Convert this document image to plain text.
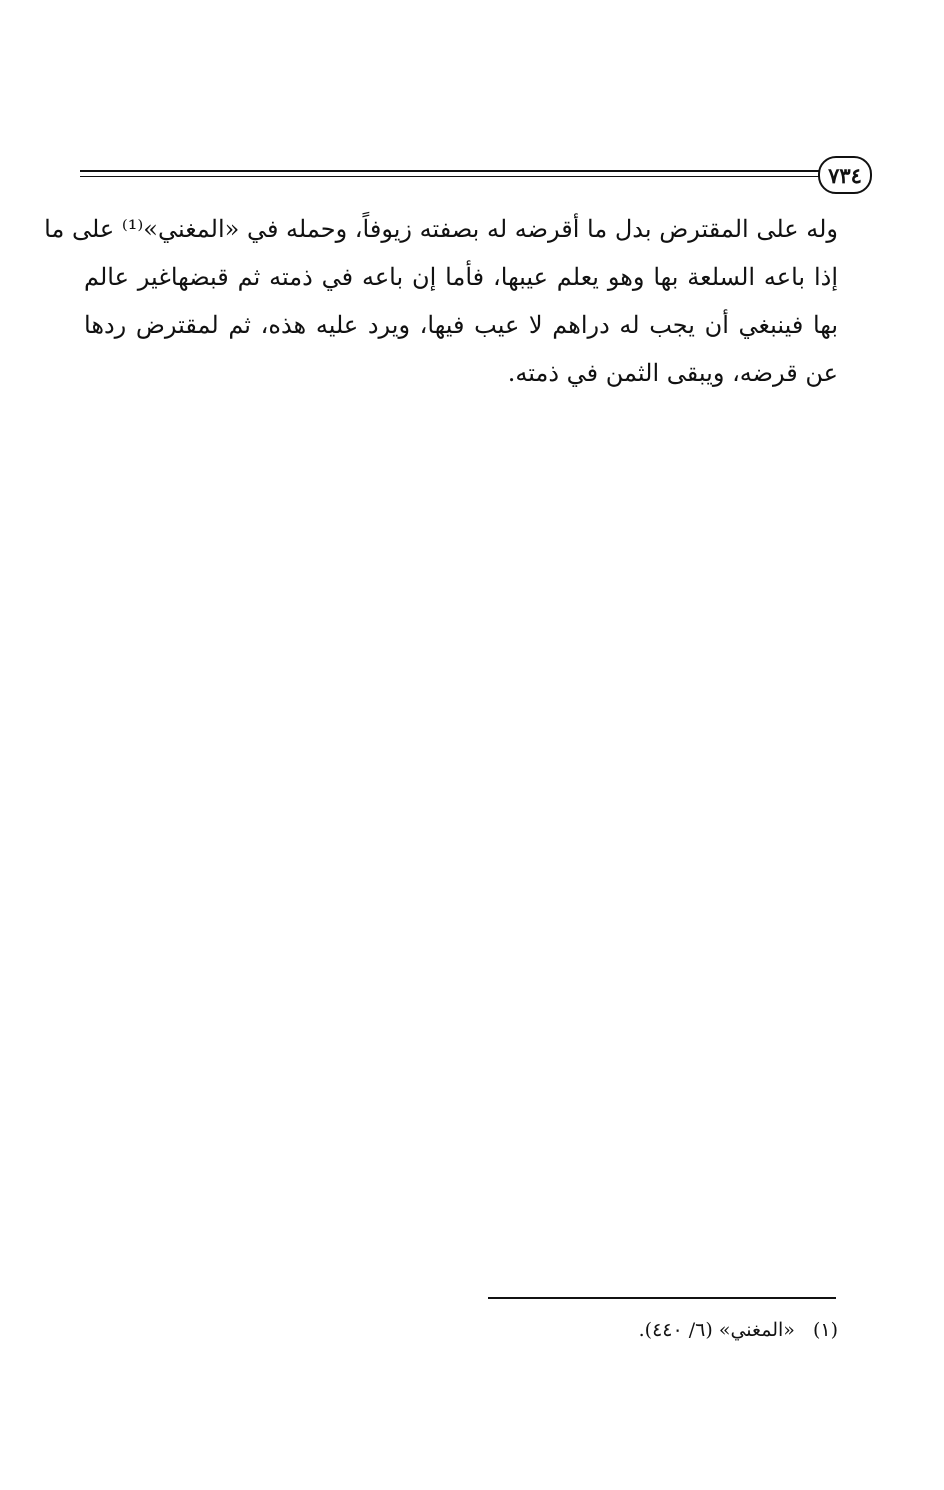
٧٣٤
وله على المقترض بدل ما أقرضه له بصفته زيوفاً، وحمله في «المغني»⁽¹⁾ على ما
إذا باعه السلعة بها وهو يعلم عيبها، فأما إن باعه في ذمته ثم قبضهاغير عالم
بها فينبغي أن يجب له دراهم لا عيب فيها، ويرد عليه هذه، ثم لمقترض ردها
عن قرضه، ويبقى الثمن في ذمته.
(١) «المغني» (٦/ ٤٤٠).
